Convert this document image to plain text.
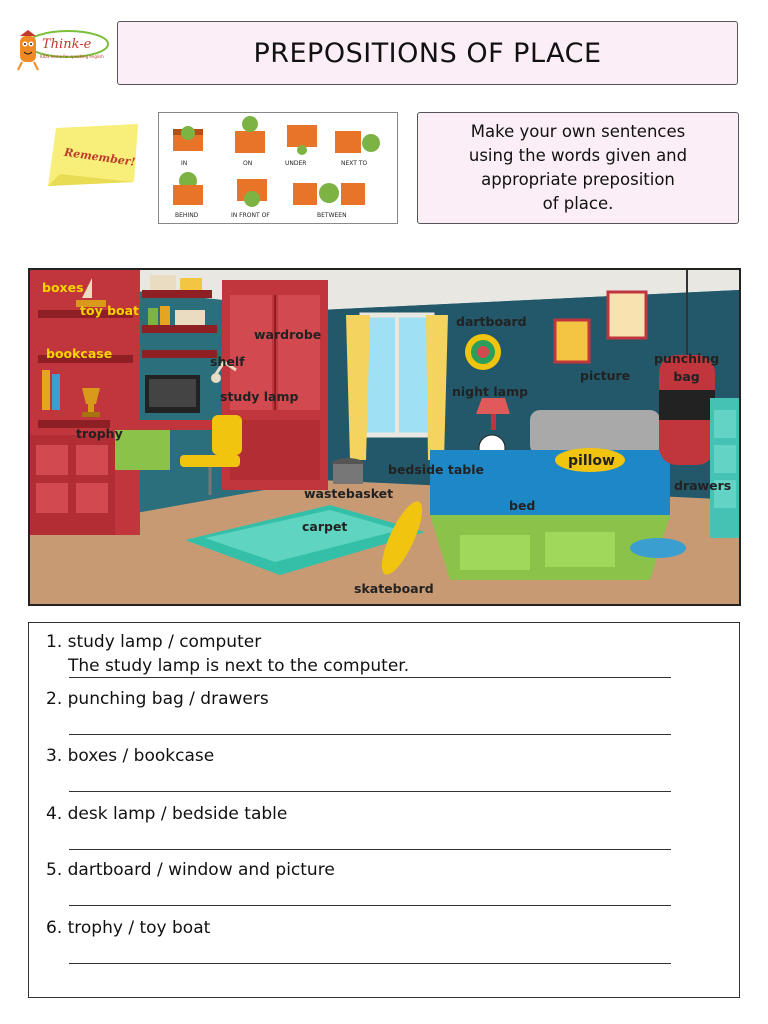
Think-e
KIDS home for speaking english	PREPOSITIONS OF PLACE
Remember!	IN	ON	UNDER	NEXT TO
BEHIND	IN FRONT OF	BETWEEN
Make your own sentences
using the words given and
appropriate preposition
of place.
boxes
toy boat
bookcase
wardrobe
shelf
study lamp
trophy
dartboard
night lamp
picture
punching
bag
pillow
bedside table
wastebasket
drawers
bed
carpet
skateboard
1. study lamp / computer
The study lamp is next to the computer.
2. punching bag / drawers
3. boxes / bookcase
4. desk lamp / bedside table
5. dartboard / window and picture
6. trophy / toy boat
